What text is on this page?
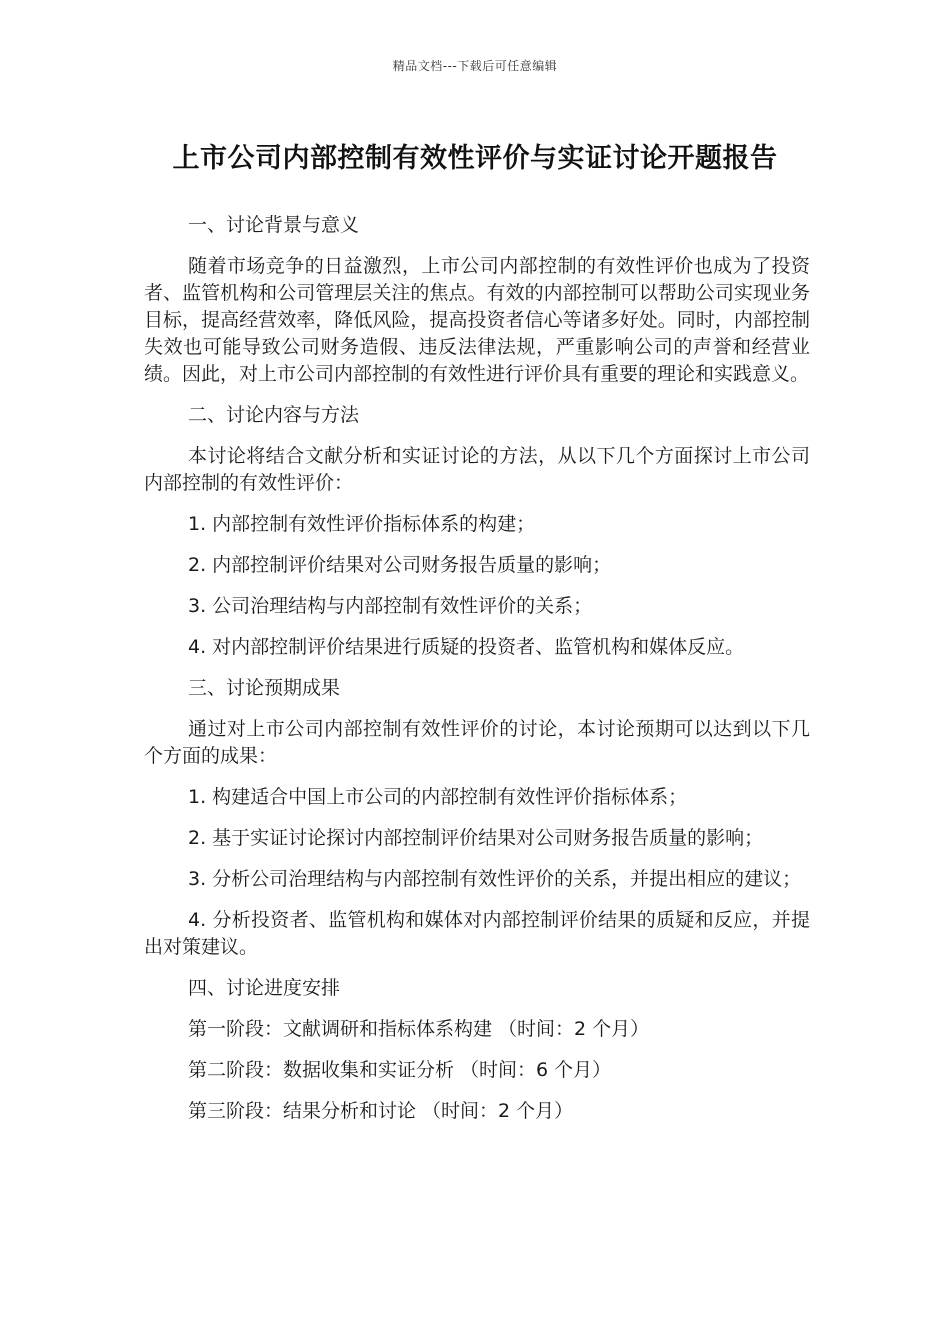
精品文档---下载后可任意编辑
上市公司内部控制有效性评价与实证讨论开题报告
一、讨论背景与意义
随着市场竞争的日益激烈，上市公司内部控制的有效性评价也成为了投资者、监管机构和公司管理层关注的焦点。有效的内部控制可以帮助公司实现业务目标，提高经营效率，降低风险，提高投资者信心等诸多好处。同时，内部控制失效也可能导致公司财务造假、违反法律法规，严重影响公司的声誉和经营业绩。因此，对上市公司内部控制的有效性进行评价具有重要的理论和实践意义。
二、讨论内容与方法
本讨论将结合文献分析和实证讨论的方法，从以下几个方面探讨上市公司内部控制的有效性评价：
1. 内部控制有效性评价指标体系的构建；
2. 内部控制评价结果对公司财务报告质量的影响；
3. 公司治理结构与内部控制有效性评价的关系；
4. 对内部控制评价结果进行质疑的投资者、监管机构和媒体反应。
三、讨论预期成果
通过对上市公司内部控制有效性评价的讨论，本讨论预期可以达到以下几个方面的成果：
1. 构建适合中国上市公司的内部控制有效性评价指标体系；
2. 基于实证讨论探讨内部控制评价结果对公司财务报告质量的影响；
3. 分析公司治理结构与内部控制有效性评价的关系，并提出相应的建议；
4. 分析投资者、监管机构和媒体对内部控制评价结果的质疑和反应，并提出对策建议。
四、讨论进度安排
第一阶段：文献调研和指标体系构建 （时间：2 个月）
第二阶段：数据收集和实证分析 （时间：6 个月）
第三阶段：结果分析和讨论 （时间：2 个月）
